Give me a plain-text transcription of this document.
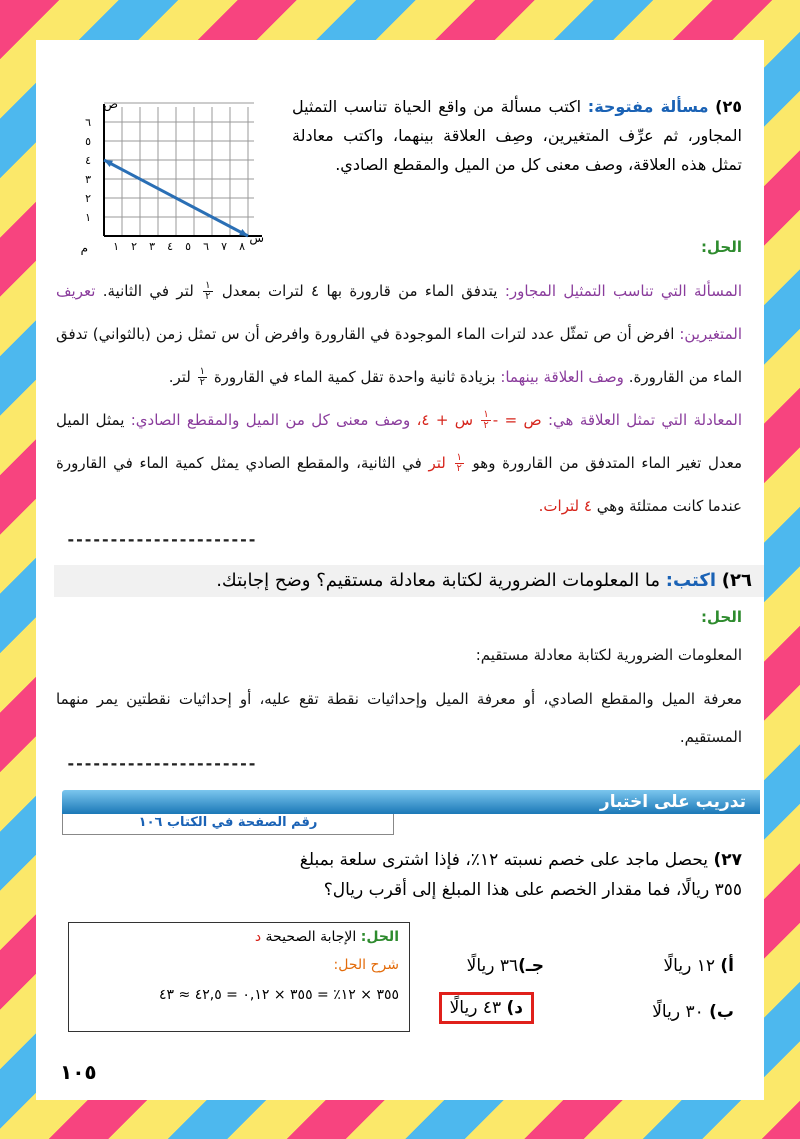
ص
س
م ١ ٢ ٣ ٤ ٥ ٦ ٧ ٨
١
٢
٣
٤
٥
٦
٢٥) مسألة مفتوحة: اكتب مسألة من واقع الحياة تناسب التمثيل المجاور، ثم عرِّف المتغيرين، وصِف العلاقة بينهما، واكتب معادلة تمثل هذه العلاقة، وصف معنى كل من الميل والمقطع الصادي.
الحل:
المسألة التي تناسب التمثيل المجاور: يتدفق الماء من قارورة بها ٤ لترات بمعدل
$\frac{١}{٢}$
لتر في الثانية. تعريف المتغيرين: افرض أن ص تمثّل عدد لترات الماء الموجودة في القارورة وافرض أن س تمثل زمن (بالثواني) تدفق الماء من القارورة. وصف العلاقة بينهما: بزيادة ثانية واحدة تقل كمية الماء في القارورة
$\frac{١}{٢}$
لتر.
المعادلة التي تمثل العلاقة هي: ص = -
$\frac{١}{٢}$
س + ٤، وصف معنى كل من الميل والمقطع الصادي: يمثل الميل معدل تغير الماء المتدفق من القارورة وهو
$\frac{١}{٢}$
لتر في الثانية، والمقطع الصادي يمثل كمية الماء في القارورة عندما كانت ممتلئة وهي ٤ لترات.
----------------------
٢٦) اكتب: ما المعلومات الضرورية لكتابة معادلة مستقيم؟ وضح إجابتك.
الحل:
المعلومات الضرورية لكتابة معادلة مستقيم:
معرفة الميل والمقطع الصادي، أو معرفة الميل وإحداثيات نقطة تقع عليه، أو إحداثيات نقطتين يمر منهما المستقيم.
----------------------
تدريب على اختبار
رقم الصفحة في الكتاب ١٠٦
٢٧) يحصل ماجد على خصم نسبته ١٢٪، فإذا اشترى سلعة بمبلغ ٣٥٥ ريالًا، فما مقدار الخصم على هذا المبلغ إلى أقرب ريال؟
أ) ١٢ ريالًا
جـ)٣٦ ريالًا
ب) ٣٠ ريالًا
د) ٤٣ ريالًا
الحل: الإجابة الصحيحة د
شرح الحل:
٣٥٥ × ١٢٪ = ٣٥٥ × ٠,١٢ = ٤٢,٥ ≈ ٤٣
١٠٥
